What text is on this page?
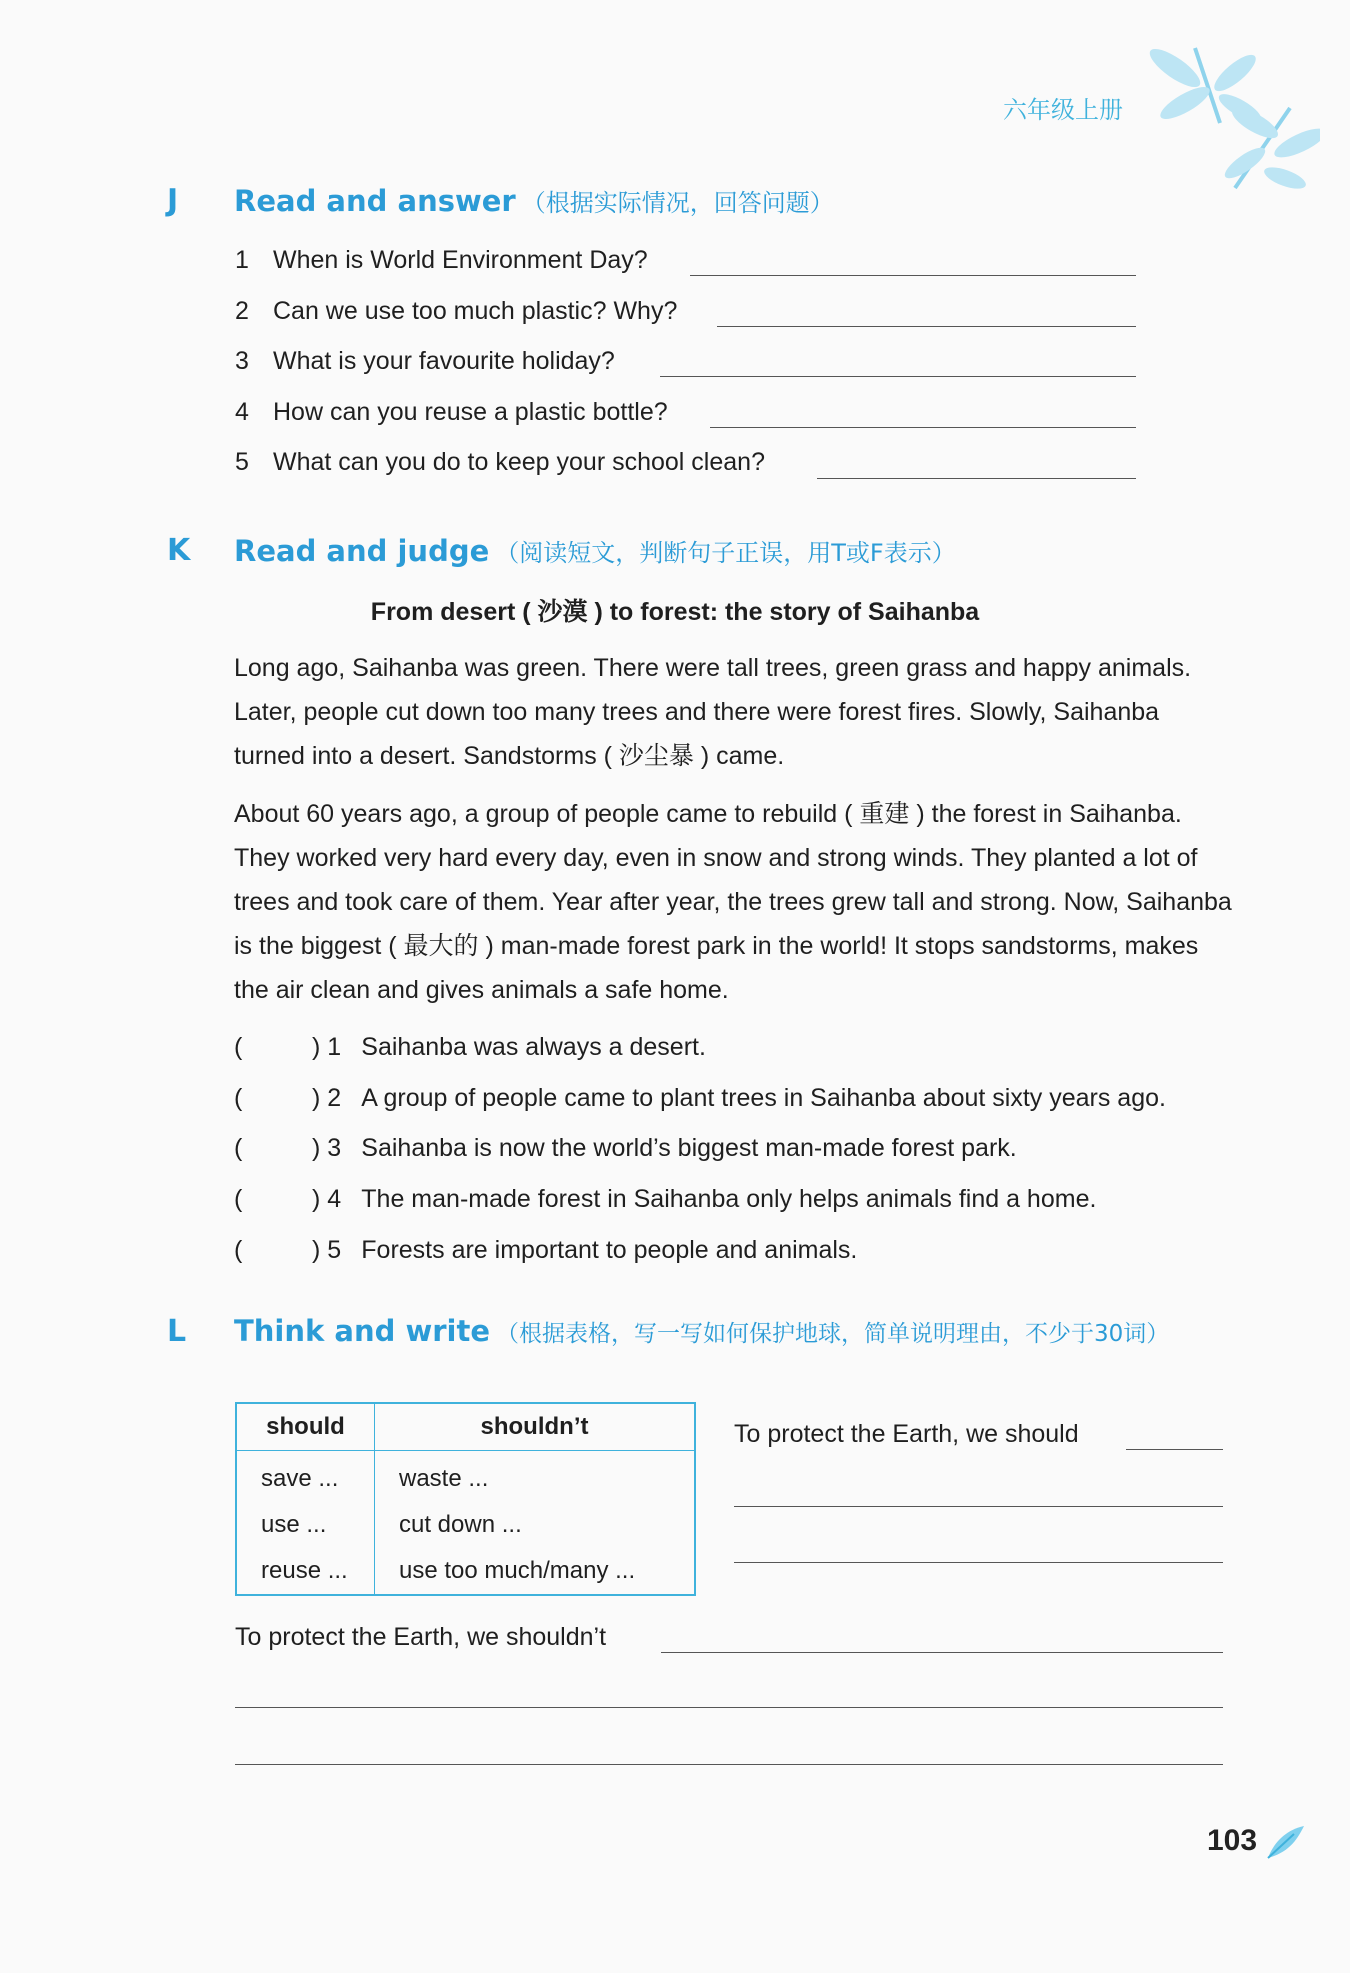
六年级上册
J Read and answer （根据实际情况，回答问题）
1 When is World Environment Day?
2 Can we use too much plastic? Why?
3 What is your favourite holiday?
4 How can you reuse a plastic bottle?
5 What can you do to keep your school clean?
K Read and judge （阅读短文，判断句子正误，用T或F表示）
From desert ( 沙漠 ) to forest: the story of Saihanba

Long ago, Saihanba was green. There were tall trees, green grass and happy animals. Later, people cut down too many trees and there were forest fires. Slowly, Saihanba turned into a desert. Sandstorms ( 沙尘暴 ) came.

About 60 years ago, a group of people came to rebuild ( 重建 ) the forest in Saihanba. They worked very hard every day, even in snow and strong winds. They planted a lot of trees and took care of them. Year after year, the trees grew tall and strong. Now, Saihanba is the biggest ( 最大的 ) man-made forest park in the world! It stops sandstorms, makes the air clean and gives animals a safe home.

(	) 1 Saihanba was always a desert.
(	) 2 A group of people came to plant trees in Saihanba about sixty years ago.
(	) 3 Saihanba is now the world’s biggest man-made forest park.
(	) 4 The man-made forest in Saihanba only helps animals find a home.
(	) 5 Forests are important to people and animals.
L Think and write （根据表格，写一写如何保护地球，简单说明理由，不少于30词）
should	shouldn’t
save ...	waste ...
use ...	cut down ...
reuse ...	use too much/many ...
To protect the Earth, we should
To protect the Earth, we shouldn’t
103
